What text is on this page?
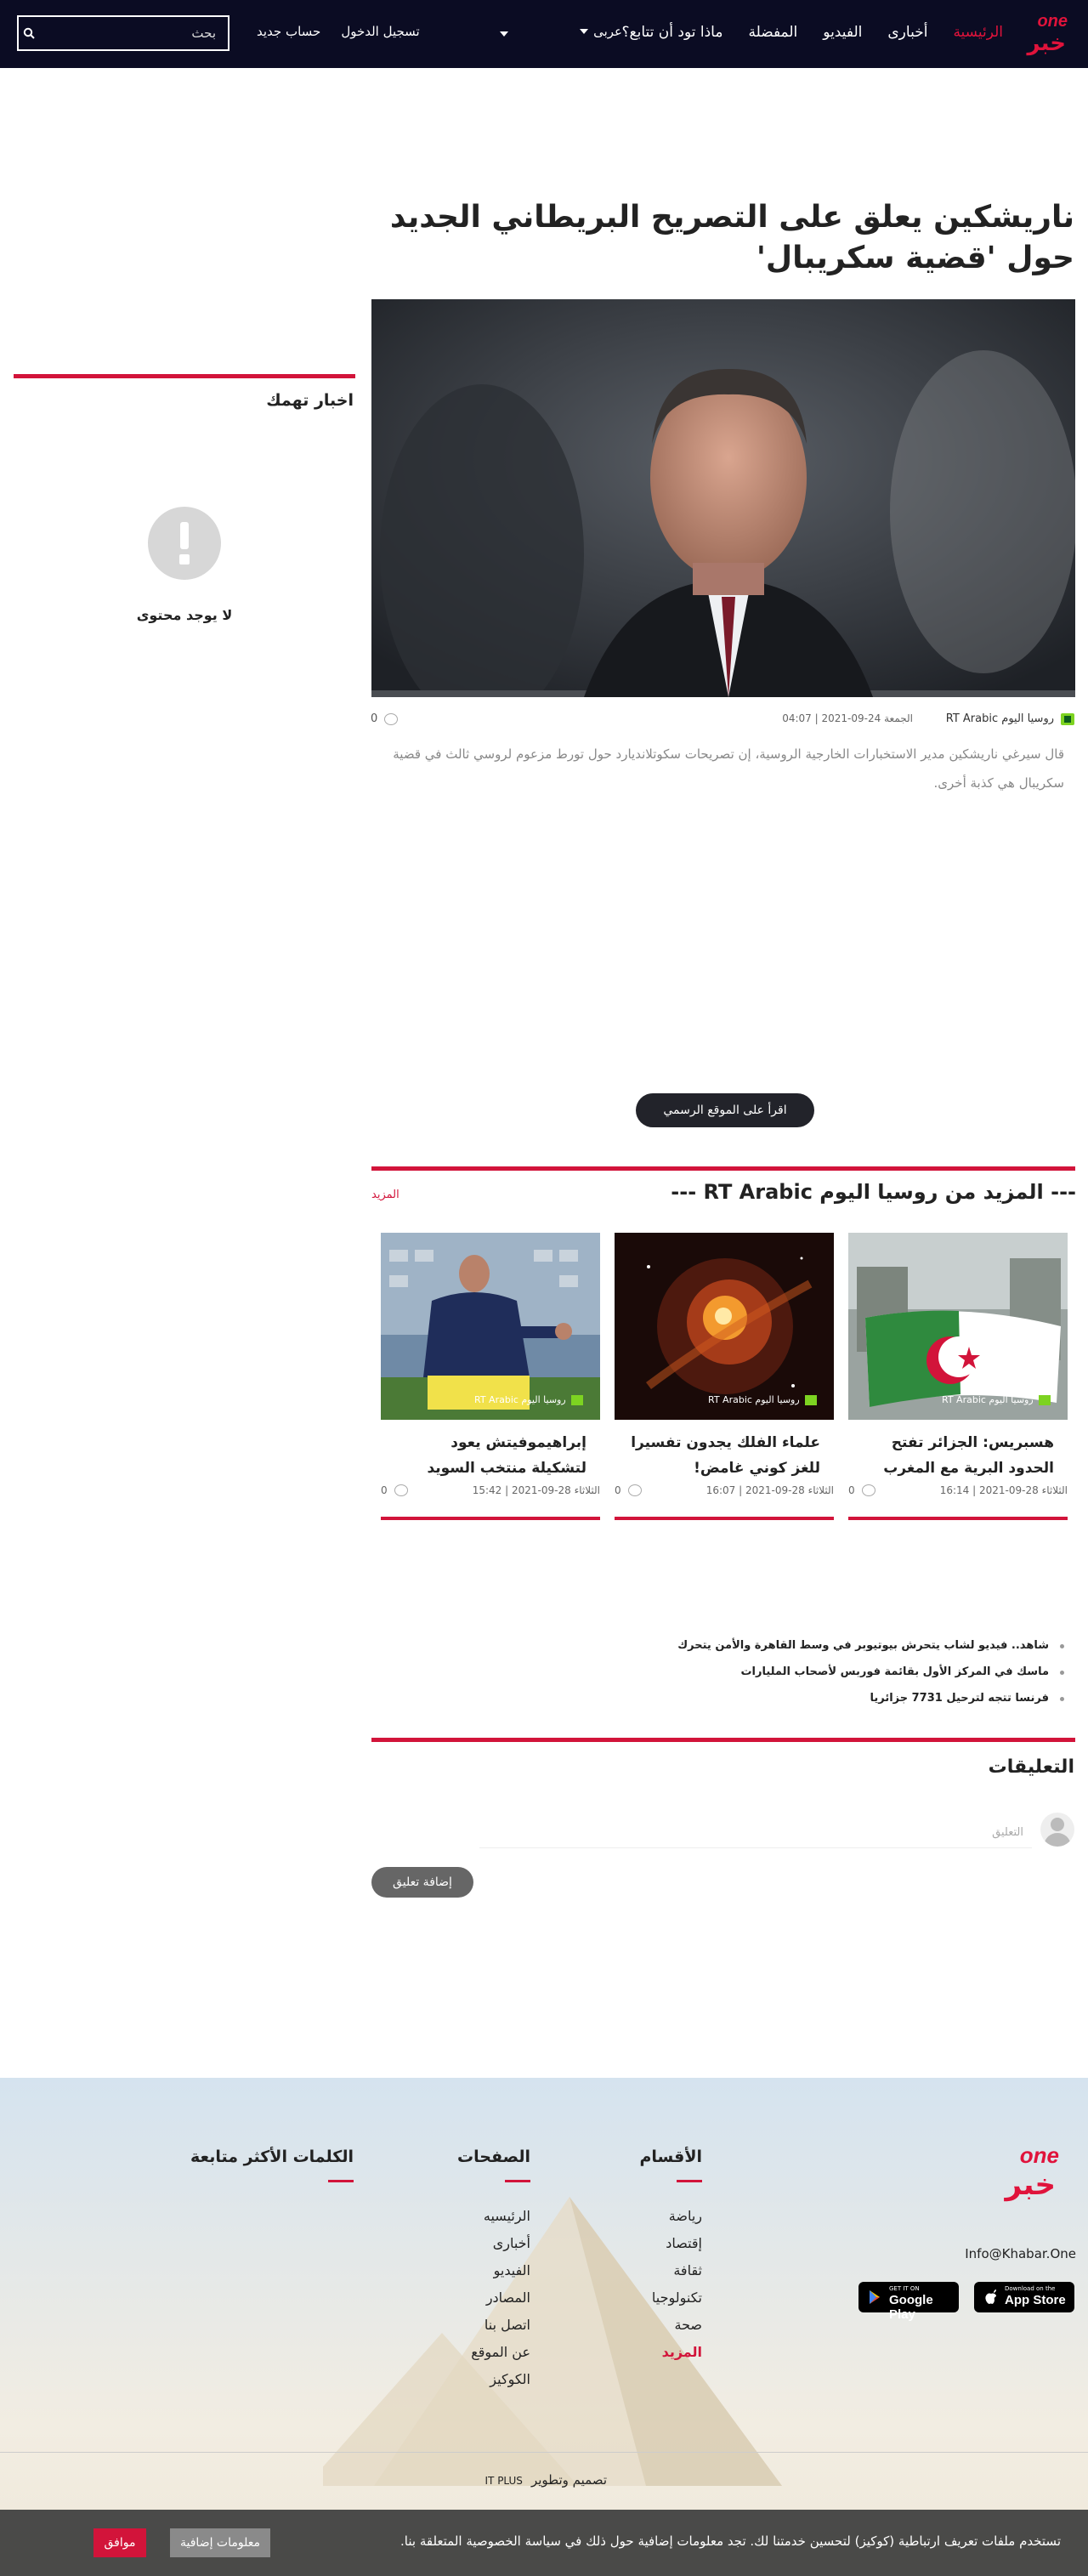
one
خبر
الرئيسية
أخبارى
الفيديو
المفضلة
ماذا تود أن تتابع؟
عربى
تسجيل الدخول
حساب جديد
بحث
ناريشكين يعلق على التصريح البريطاني الجديد حول 'قضية سكريبال'
روسيا اليوم RT Arabic
الجمعة 24-09-2021 | 04:07
0

قال سيرغي ناريشكين مدير الاستخبارات الخارجية الروسية، إن تصريحات سكوتلانديارد حول تورط مزعوم لروسي ثالث في قضية سكريبال هي كذبة أخرى.

اقرأ على الموقع الرسمي
اخبار تهمك
لا يوجد محتوى
--- المزيد من روسيا اليوم RT Arabic ---
المزيد
روسيا اليوم RT Arabic
هسبريس: الجزائر تفتح الحدود البرية مع المغرب
الثلاثاء 28-09-2021 | 16:14
0
روسيا اليوم RT Arabic
علماء الفلك يجدون تفسيرا للغز كوني غامض!
الثلاثاء 28-09-2021 | 16:07
0
روسيا اليوم RT Arabic
إبراهيموفيتش يعود لتشكيلة منتخب السويد
الثلاثاء 28-09-2021 | 15:42
0
شاهد.. فيديو لشاب يتحرش بيوتيوبر في وسط القاهرة والأمن يتحرك
ماسك في المركز الأول بقائمة فوربس لأصحاب المليارات
فرنسا تتجه لترحيل 7731 جزائريا
التعليقات
التعليق
إضافة تعليق
one
خبر
Info@Khabar.One
Download on the
App Store
GET IT ON
Google Play
الأقسام
رياضة
إقتصاد
ثقافة
تكنولوجيا
صحة
المزيد
الصفحات
الرئيسيه
أخبارى
الفيديو
المصادر
اتصل بنا
عن الموقع
الكوكيز
الكلمات الأكثر متابعة
تصميم وتطوير
IT PLUS
تستخدم ملفات تعريف ارتباطية (كوكيز) لتحسين خدمتنا لك. تجد معلومات إضافية حول ذلك في سياسة الخصوصية المتعلقة بنا.
معلومات إضافية
موافق
